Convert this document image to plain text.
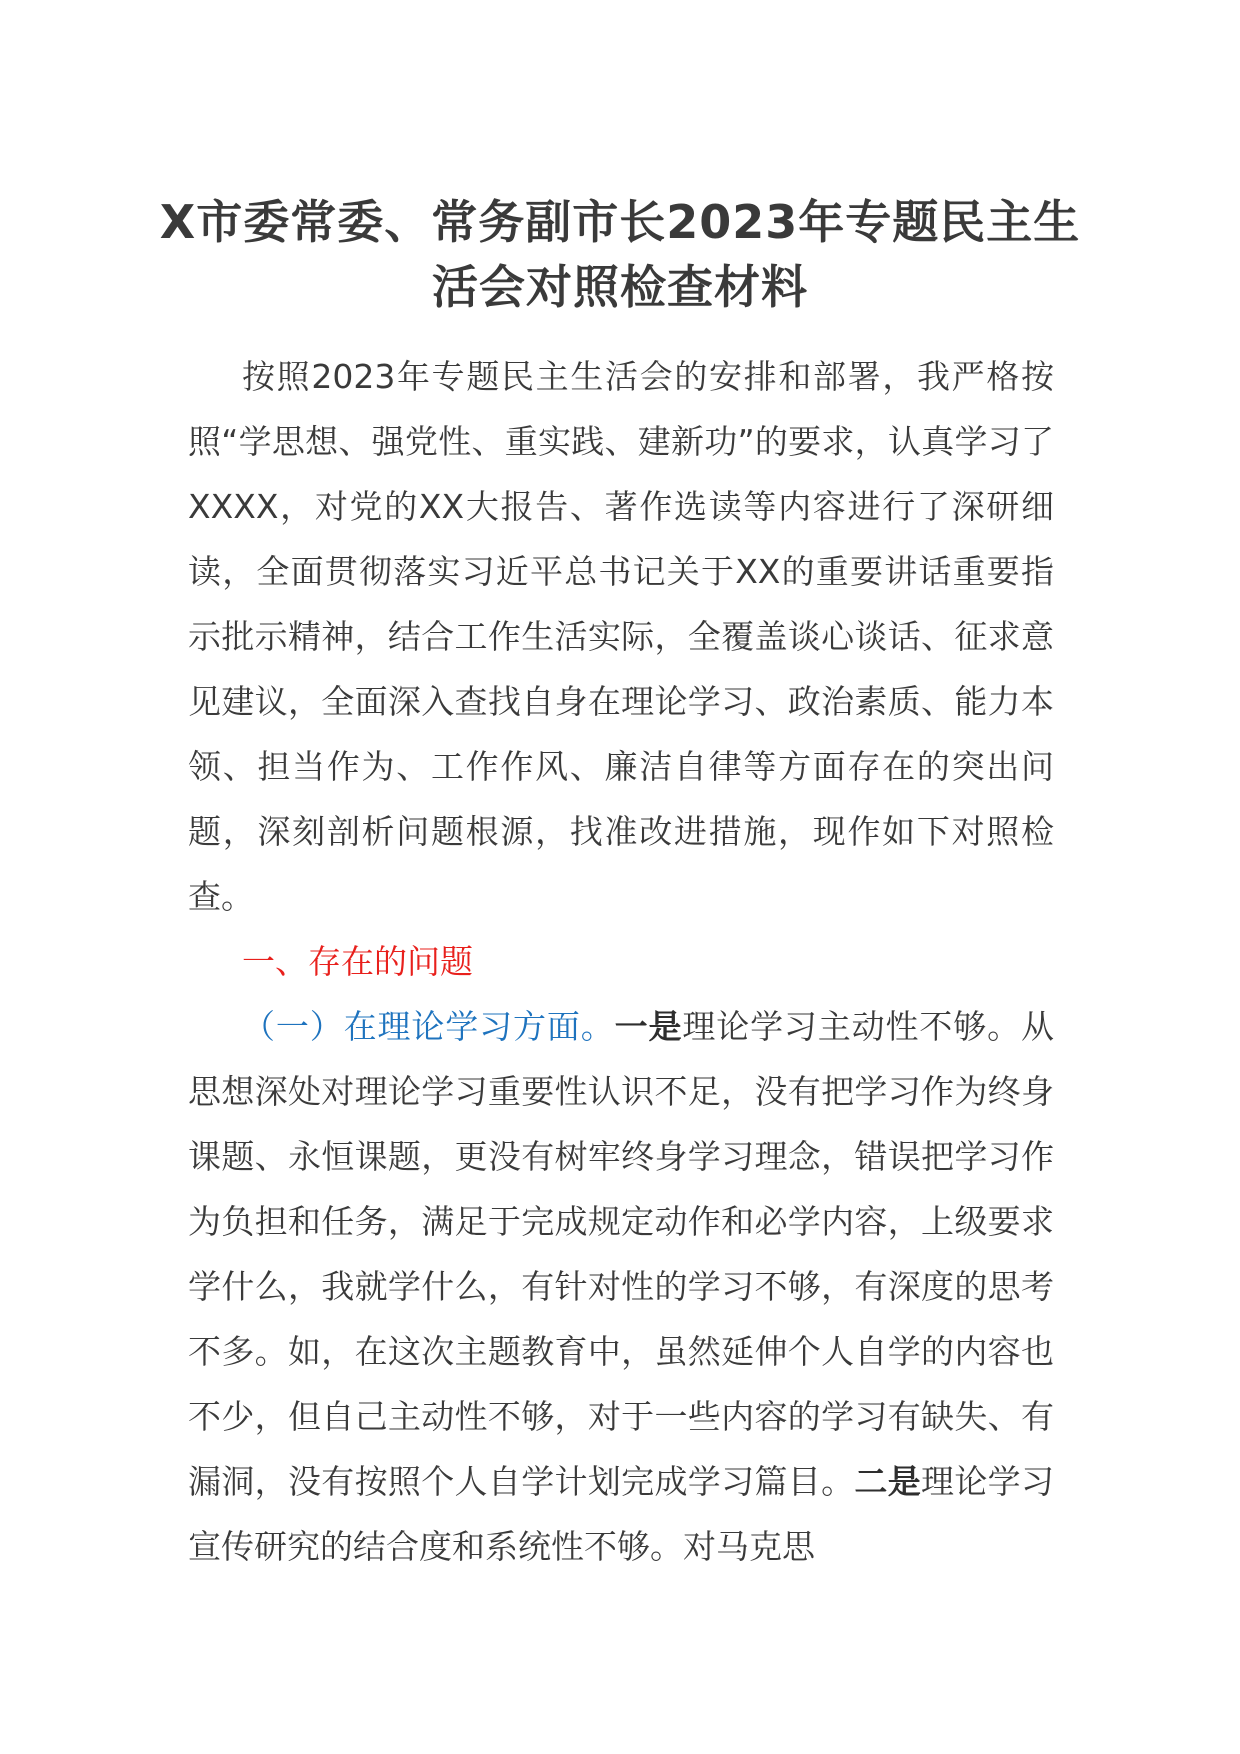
X市委常委、常务副市长2023年专题民主生活会对照检查材料
按照2023年专题民主生活会的安排和部署，我严格按照“学思想、强党性、重实践、建新功”的要求，认真学习了XXXX，对党的XX大报告、著作选读等内容进行了深研细读，全面贯彻落实习近平总书记关于XX的重要讲话重要指示批示精神，结合工作生活实际，全覆盖谈心谈话、征求意见建议，全面深入查找自身在理论学习、政治素质、能力本领、担当作为、工作作风、廉洁自律等方面存在的突出问题，深刻剖析问题根源，找准改进措施，现作如下对照检查。
一、存在的问题
（一）在理论学习方面。一是理论学习主动性不够。从思想深处对理论学习重要性认识不足，没有把学习作为终身课题、永恒课题，更没有树牢终身学习理念，错误把学习作为负担和任务，满足于完成规定动作和必学内容，上级要求学什么，我就学什么，有针对性的学习不够，有深度的思考不多。如，在这次主题教育中，虽然延伸个人自学的内容也不少，但自己主动性不够，对于一些内容的学习有缺失、有漏洞，没有按照个人自学计划完成学习篇目。二是理论学习宣传研究的结合度和系统性不够。对马克思
